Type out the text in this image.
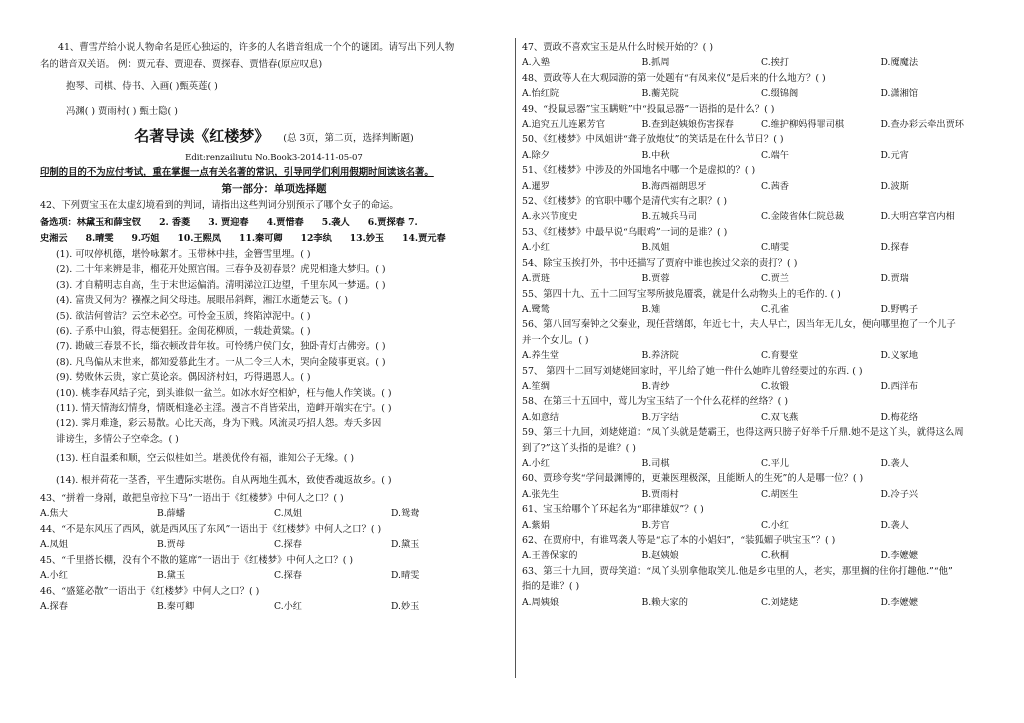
41、曹雪芹给小说人物命名是匠心独运的，许多的人名谐音组成一个个的谜团。请写出下列人物
名的谐音双关语。 例：贾元春、贾迎春、贾探春、贾惜春(原应叹息)
抱琴、司棋、侍书、入画( )甄英莲( )
冯渊( ) 贾雨村( ) 甄士隐( )
名著导读《红楼梦》 (总 3页，第二页，选择判断题)
Edit:renzailiutu No.Book3-2014-11-05-07
印制的目的不为应付考试，重在掌握一点有关名著的常识，引导同学们利用假期时间读该名著。
第一部分：单项选择题
42、下列贾宝玉在太虚幻境看到的判词，请指出这些判词分别预示了哪个女子的命运。
备选项：林黛玉和薛宝钗 2. 香菱 3. 贾迎春 4.贾惜春 5.袭人 6.贾探春 7.
史湘云 8.晴雯 9.巧姐 10.王熙凤 11.秦可卿 12李纨 13.妙玉 14.贾元春
(1). 可叹停机德，堪怜咏絮才。玉带林中挂，金簪雪里埋。( )
(2). 二十年来辨是非，榴花开处照宫闱。三春争及初春景？虎兕相逢大梦归。( )
(3). 才自精明志自高，生于末世运偏消。清明涕泣江边望，千里东风一梦遥。( )
(4). 富贵又何为？襁褓之间父母违。展眼吊斜辉，湘江水逝楚云飞。( )
(5). 欲洁何曾洁？云空未必空。可怜金玉质，终陷淖泥中。( )
(6). 子系中山狼，得志便猖狂。金闺花柳质，一载赴黄粱。( )
(7). 勘破三春景不长，缁衣顿改昔年妆。可怜绣户侯门女，独卧青灯古佛旁。( )
(8). 凡鸟偏从末世来，都知爱慕此生才。一从二令三人木，哭向金陵事更哀。( )
(9). 势败休云贵，家亡莫论亲。偶因济村妇，巧得遇恩人。( )
(10). 桃李春风结子完，到头谁似一盆兰。如冰水好空相妒，枉与他人作笑谈。( )
(11). 情天情海幻情身，情既相逢必主淫。漫言不肖皆荣出，造衅开端实在宁。( )
(12). 霁月难逢，彩云易散。心比天高，身为下贱。风流灵巧招人怨。寿夭多因
诽谤生，多情公子空牵念。( )
(13). 枉自温柔和顺，空云似桂如兰。堪羡优伶有福，谁知公子无缘。( )
(14). 根并荷花一茎香，平生遭际实堪伤。自从两地生孤木，致使香魂返故乡。( )
43、“拼着一身剐，敢把皇帝拉下马”一语出于《红楼梦》中何人之口？( )
A.焦大	B.薛蟠	C.凤姐	D.鸳鸯
44、“不是东风压了西风，就是西风压了东风”一语出于《红楼梦》中何人之口？( )
A.凤姐	B.贾母	C.探春	D.黛玉
45、“千里搭长棚，没有个不散的筵席”一语出于《红楼梦》中何人之口？( )
A.小红	B.黛玉	C.探春	D.晴雯
46、“盛筵必散”一语出于《红楼梦》中何人之口？( )
A.探春	B.秦可卿	C.小红	D.妙玉
47、贾政不喜欢宝玉是从什么时候开始的？( )
A.入塾	B.抓周	C.挨打	D.魇魔法
48、贾政等人在大观园游的第一处题有“有凤来仪”是后来的什么地方？( )
A.怡红院	B.蘅芜院	C.缀锦阁	D.潇湘馆
49、“投鼠忌器”宝玉瞒赃”中“投鼠忌器”一语指的是什么？( )
A.追究五儿连累芳官	B.查到赵姨娘伤害探春	C.维护柳妈得罪司棋	D.查办彩云牵出贾环
50、《红楼梦》中凤姐讲“聋子放炮仗”的笑话是在什么节日？( )
A.除夕	B.中秋	C.端午	D.元宵
51、《红楼梦》中涉及的外国地名中哪一个是虚拟的？( )
A.暹罗	B.海西福朗思牙	C.茜香	D.波斯
52、《红楼梦》的官职中哪个是清代实有之职？( )
A.永兴节度史	B.五城兵马司	C.金陵省体仁院总裁	D.大明宫掌宫内相
53、《红楼梦》中最早说“乌眼鸡”一词的是谁？( )
A.小红	B.凤姐	C.晴雯	D.探春
54、除宝玉挨打外，书中还描写了贾府中谁也挨过父亲的责打？( )
A.贾琏	B.贾蓉	C.贾兰	D.贾瑞
55、第四十九、五十二回写宝琴所披凫靥裘，就是什么动物头上的毛作的. ( )
A.鹭鸶	B.雉	C.孔雀	D.野鸭子
56、第八回写秦钟之父秦业，现任营缮郎，年近七十，夫人早亡，因当年无儿女，便向哪里抱了一个儿子
并一个女儿。( )
A.养生堂	B.养济院	C.育婴堂	D.义冢地
57、 第四十二回写刘姥姥回家时，平儿给了她一件什么她昨儿曾经要过的东西. ( )
A.笙绸	B.青纱	C.妆锻	D.西洋布
58、在第三十五回中，莺儿为宝玉结了一个什么花样的丝络？( )
A.如意结	B.万字结	C.双飞燕	D.梅花络
59、第三十九回，刘姥姥道：“凤丫头就是楚霸王，也得这两只膀子好举千斤鼎.她不是这丫头，就得这么周
到了?”这丫头指的是谁？( )
A.小红	B.司棋	C.平儿	D.袭人
60、贾珍夸奖“学问最渊博的，更兼医理极深，且能断人的生死”的人是哪一位？( )
A.张先生	B.贾雨村	C.胡医生	D.冷子兴
61、宝玉给哪个丫环起名为“耶律雄奴”？( )
A.紫娟	B.芳官	C.小红	D.袭人
62、在贾府中，有谁骂袭人等是“忘了本的小娼妇”，“装狐媚子哄宝玉”？( )
A.王善保家的	B.赵姨娘	C.秋桐	D.李嬷嬷
63、第三十九回，贾母笑道：“凤丫头别拿他取笑儿.他是乡屯里的人，老实，那里搁的住你打趣他.”“他”
指的是谁？( )
A.周姨娘	B.赖大家的	C.刘姥姥	D.李嬷嬷
